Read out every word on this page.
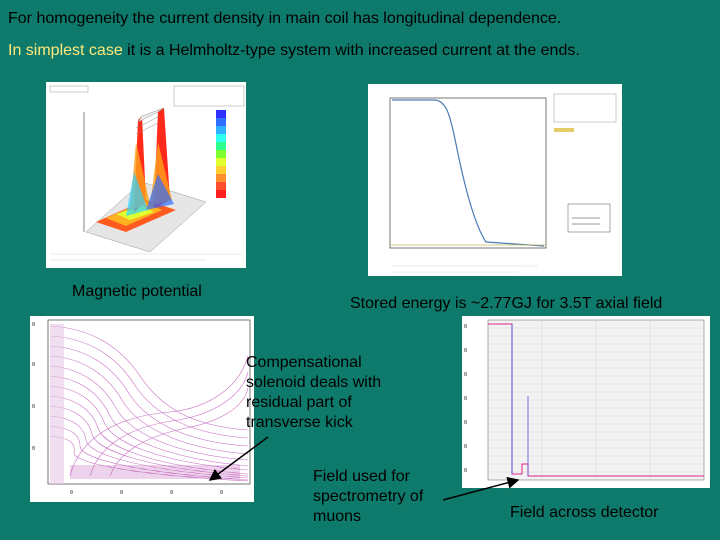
For homogeneity the current density in main coil has longitudinal dependence.
In simplest case it is a Helmholtz-type system with increased current at the ends.
Magnetic potential
Stored energy is ~2.77GJ for 3.5T axial field
0
0
0
0
0	0	0	0
0
0
0
0
0
0
0
Compensational solenoid deals with residual part of transverse kick
Field used for spectrometry of muons	Field across detector
